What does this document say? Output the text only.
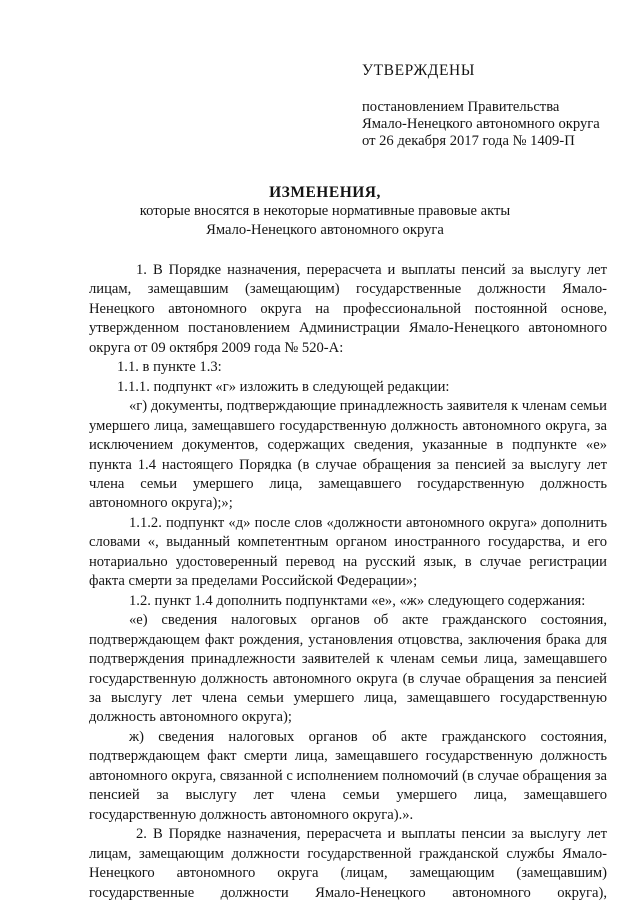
УТВЕРЖДЕНЫ
постановлением Правительства
Ямало-Ненецкого автономного округа
от 26 декабря 2017 года № 1409-П
ИЗМЕНЕНИЯ,
которые вносятся в некоторые нормативные правовые акты
Ямало-Ненецкого автономного округа

1. В Порядке назначения, перерасчета и выплаты пенсий за выслугу лет лицам, замещавшим (замещающим) государственные должности Ямало-Ненецкого автономного округа на профессиональной постоянной основе, утвержденном постановлением Администрации Ямало-Ненецкого автономного округа от 09 октября 2009 года № 520-А:

1.1. в пункте 1.3:

1.1.1. подпункт «г» изложить в следующей редакции:

«г) документы, подтверждающие принадлежность заявителя к членам семьи умершего лица, замещавшего государственную должность автономного округа, за исключением документов, содержащих сведения, указанные в подпункте «е» пункта 1.4 настоящего Порядка (в случае обращения за пенсией за выслугу лет члена семьи умершего лица, замещавшего государственную должность автономного округа);»;

1.1.2. подпункт «д» после слов «должности автономного округа» дополнить словами «, выданный компетентным органом иностранного государства, и его нотариально удостоверенный перевод на русский язык, в случае регистрации факта смерти за пределами Российской Федерации»;

1.2. пункт 1.4 дополнить подпунктами «е», «ж» следующего содержания:

«е) сведения налоговых органов об акте гражданского состояния, подтверждающем факт рождения, установления отцовства, заключения брака для подтверждения принадлежности заявителей к членам семьи лица, замещавшего государственную должность автономного округа (в случае обращения за пенсией за выслугу лет члена семьи умершего лица, замещавшего государственную должность автономного округа);

ж) сведения налоговых органов об акте гражданского состояния, подтверждающем факт смерти лица, замещавшего государственную должность автономного округа, связанной с исполнением полномочий (в случае обращения за пенсией за выслугу лет члена семьи умершего лица, замещавшего государственную должность автономного округа).».

2. В Порядке назначения, перерасчета и выплаты пенсии за выслугу лет лицам, замещающим должности государственной гражданской службы Ямало-Ненецкого автономного округа (лицам, замещающим (замещавшим) государственные должности Ямало-Ненецкого автономного округа),
